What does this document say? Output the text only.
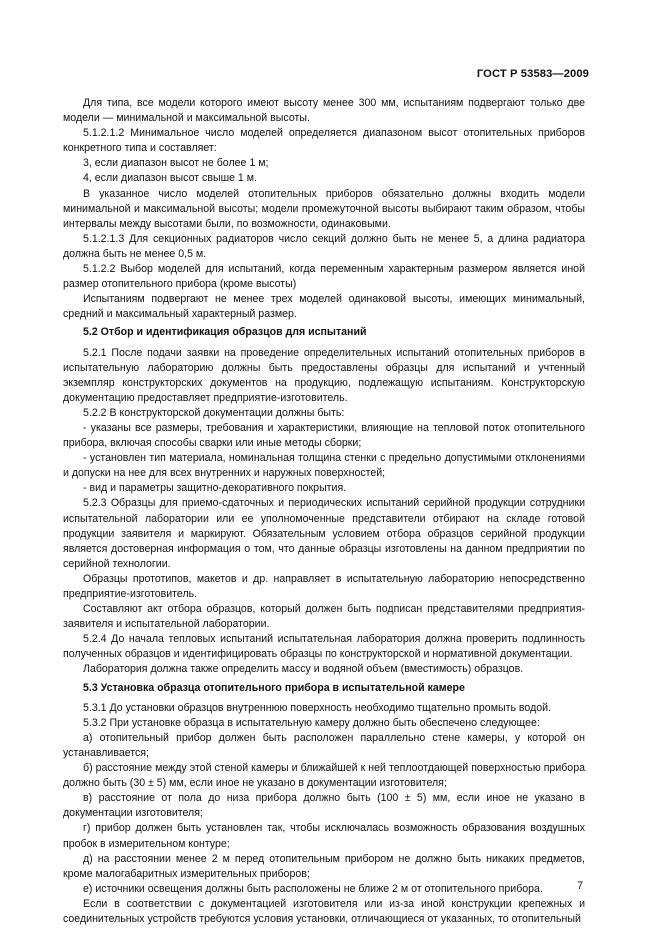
ГОСТ Р 53583—2009

Для типа, все модели которого имеют высоту менее 300 мм, испытаниям подвергают только две модели — минимальной и максимальной высоты.

5.1.2.1.2 Минимальное число моделей определяется диапазоном высот отопительных приборов конкретного типа и составляет:

3, если диапазон высот не более 1 м;

4, если диапазон высот свыше 1 м.

В указанное число моделей отопительных приборов обязательно должны входить модели минимальной и максимальной высоты; модели промежуточной высоты выбирают таким образом, чтобы интервалы между высотами были, по возможности, одинаковыми.

5.1.2.1.3 Для секционных радиаторов число секций должно быть не менее 5, а длина радиатора должна быть не менее 0,5 м.

5.1.2.2 Выбор моделей для испытаний, когда переменным характерным размером является иной размер отопительного прибора (кроме высоты)

Испытаниям подвергают не менее трех моделей одинаковой высоты, имеющих минимальный, средний и максимальный характерный размер.

5.2 Отбор и идентификация образцов для испытаний

5.2.1 После подачи заявки на проведение определительных испытаний отопительных приборов в испытательную лабораторию должны быть предоставлены образцы для испытаний и учтенный экземпляр конструкторских документов на продукцию, подлежащую испытаниям. Конструкторскую документацию предоставляет предприятие-изготовитель.

5.2.2 В конструкторской документации должны быть:

- указаны все размеры, требования и характеристики, влияющие на тепловой поток отопительного прибора, включая способы сварки или иные методы сборки;

- установлен тип материала, номинальная толщина стенки с предельно допустимыми отклонениями и допуски на нее для всех внутренних и наружных поверхностей;

- вид и параметры защитно-декоративного покрытия.

5.2.3 Образцы для приемо-сдаточных и периодических испытаний серийной продукции сотрудники испытательной лаборатории или ее уполномоченные представители отбирают на складе готовой продукции заявителя и маркируют. Обязательным условием отбора образцов серийной продукции является достоверная информация о том, что данные образцы изготовлены на данном предприятии по серийной технологии.

Образцы прототипов, макетов и др. направляет в испытательную лабораторию непосредственно предприятие-изготовитель.

Составляют акт отбора образцов, который должен быть подписан представителями предприятия-заявителя и испытательной лаборатории.

5.2.4 До начала тепловых испытаний испытательная лаборатория должна проверить подлинность полученных образцов и идентифицировать образцы по конструкторской и нормативной документации.

Лаборатория должна также определить массу и водяной объем (вместимость) образцов.

5.3 Установка образца отопительного прибора в испытательной камере

5.3.1 До установки образцов внутреннюю поверхность необходимо тщательно промыть водой.

5.3.2 При установке образца в испытательную камеру должно быть обеспечено следующее:

а) отопительный прибор должен быть расположен параллельно стене камеры, у которой он устанавливается;

б) расстояние между этой стеной камеры и ближайшей к ней теплоотдающей поверхностью прибора должно быть (30 ± 5) мм, если иное не указано в документации изготовителя;

в) расстояние от пола до низа прибора должно быть (100 ± 5) мм, если иное не указано в документации изготовителя;

г) прибор должен быть установлен так, чтобы исключалась возможность образования воздушных пробок в измерительном контуре;

д) на расстоянии менее 2 м перед отопительным прибором не должно быть никаких предметов, кроме малогабаритных измерительных приборов;

е) источники освещения должны быть расположены не ближе 2 м от отопительного прибора.

Если в соответствии с документацией изготовителя или из-за иной конструкции крепежных и соединительных устройств требуются условия установки, отличающиеся от указанных, то отопительный

7
